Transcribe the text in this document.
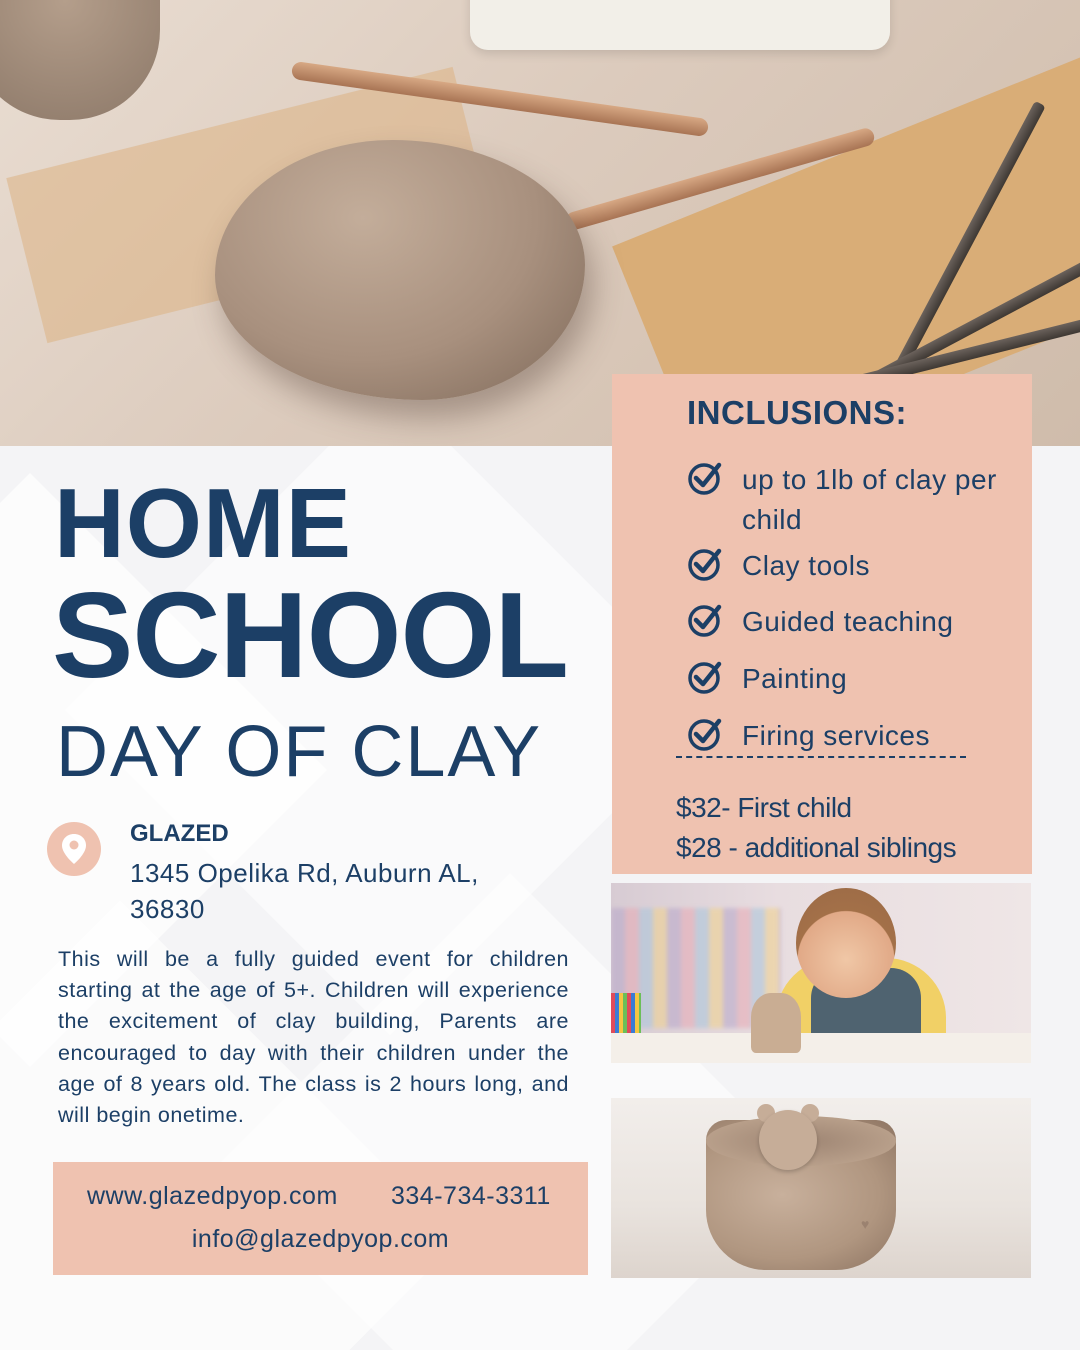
HOME
SCHOOL
DAY OF CLAY
GLAZED
1345 Opelika Rd, Auburn AL, 36830

This will be a fully guided event for children starting at the age of 5+. Children will experience the excitement of clay building, Parents are encouraged to day with their children under the age of 8 years old. The class is 2 hours long, and will begin onetime.

www.glazedpyop.com 334-734-3311
info@glazedpyop.com
INCLUSIONS:
up to 1lb of clay per child
Clay tools
Guided teaching
Painting
Firing services
$32- First child
$28 - additional siblings
♥
